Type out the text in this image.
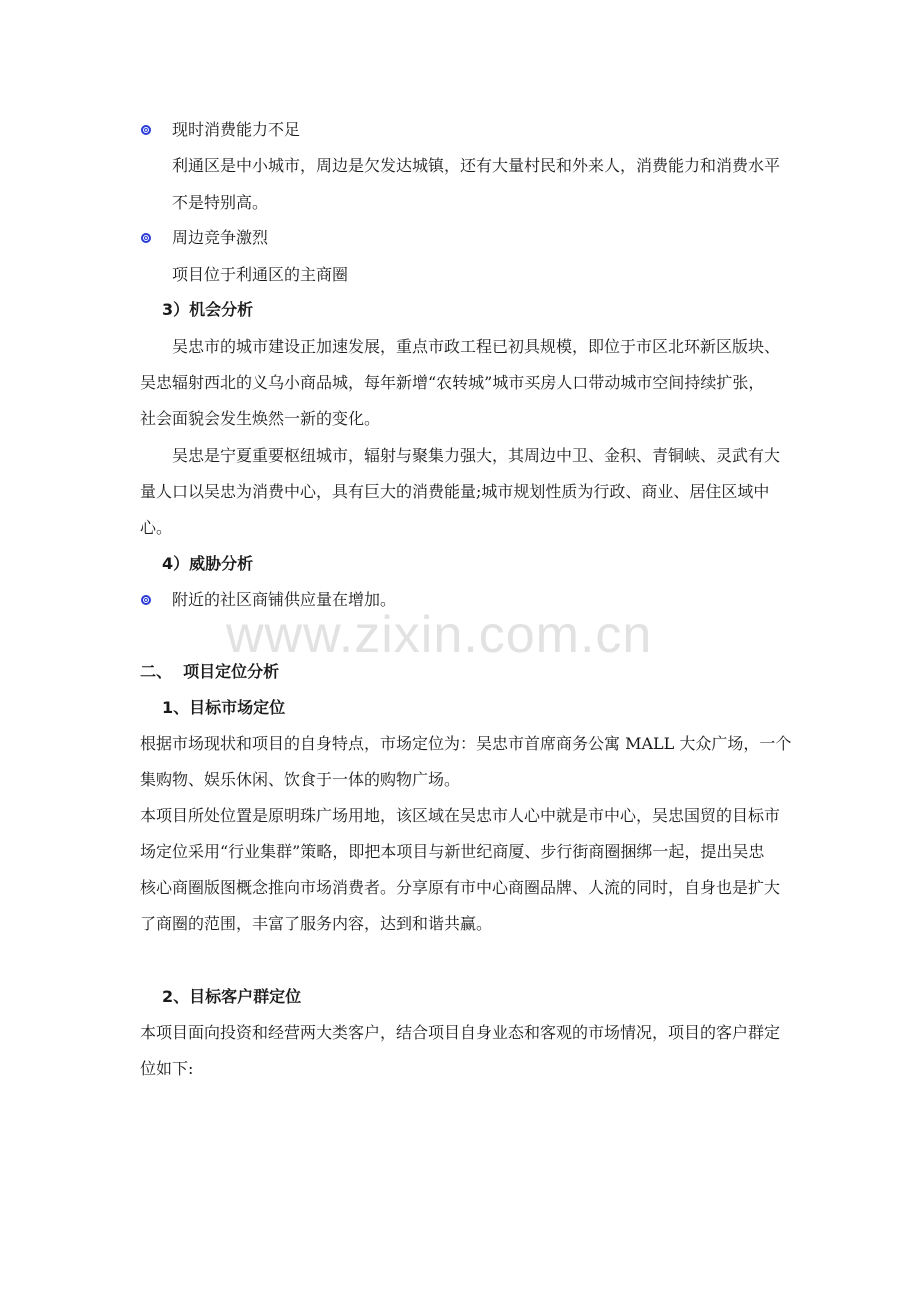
www.zixin.com.cn
现时消费能力不足
利通区是中小城市，周边是欠发达城镇，还有大量村民和外来人，消费能力和消费水平
不是特别高。
周边竞争激烈
项目位于利通区的主商圈
3）机会分析
吴忠市的城市建设正加速发展，重点市政工程已初具规模，即位于市区北环新区版块、
吴忠辐射西北的义乌小商品城，每年新增“农转城”城市买房人口带动城市空间持续扩张，
社会面貌会发生焕然一新的变化。
吴忠是宁夏重要枢纽城市，辐射与聚集力强大，其周边中卫、金积、青铜峡、灵武有大
量人口以吴忠为消费中心，具有巨大的消费能量;城市规划性质为行政、商业、居住区域中
心。
4）威胁分析
附近的社区商铺供应量在增加。
二、  项目定位分析
1、目标市场定位
根据市场现状和项目的自身特点，市场定位为：吴忠市首席商务公寓 MALL 大众广场，一个
集购物、娱乐休闲、饮食于一体的购物广场。
本项目所处位置是原明珠广场用地，该区域在吴忠市人心中就是市中心，吴忠国贸的目标市
场定位采用“行业集群”策略，即把本项目与新世纪商厦、步行街商圈捆绑一起，提出吴忠
核心商圈版图概念推向市场消费者。分享原有市中心商圈品牌、人流的同时，自身也是扩大
了商圈的范围，丰富了服务内容，达到和谐共赢。
2、目标客户群定位
本项目面向投资和经营两大类客户，结合项目自身业态和客观的市场情况，项目的客户群定
位如下:
